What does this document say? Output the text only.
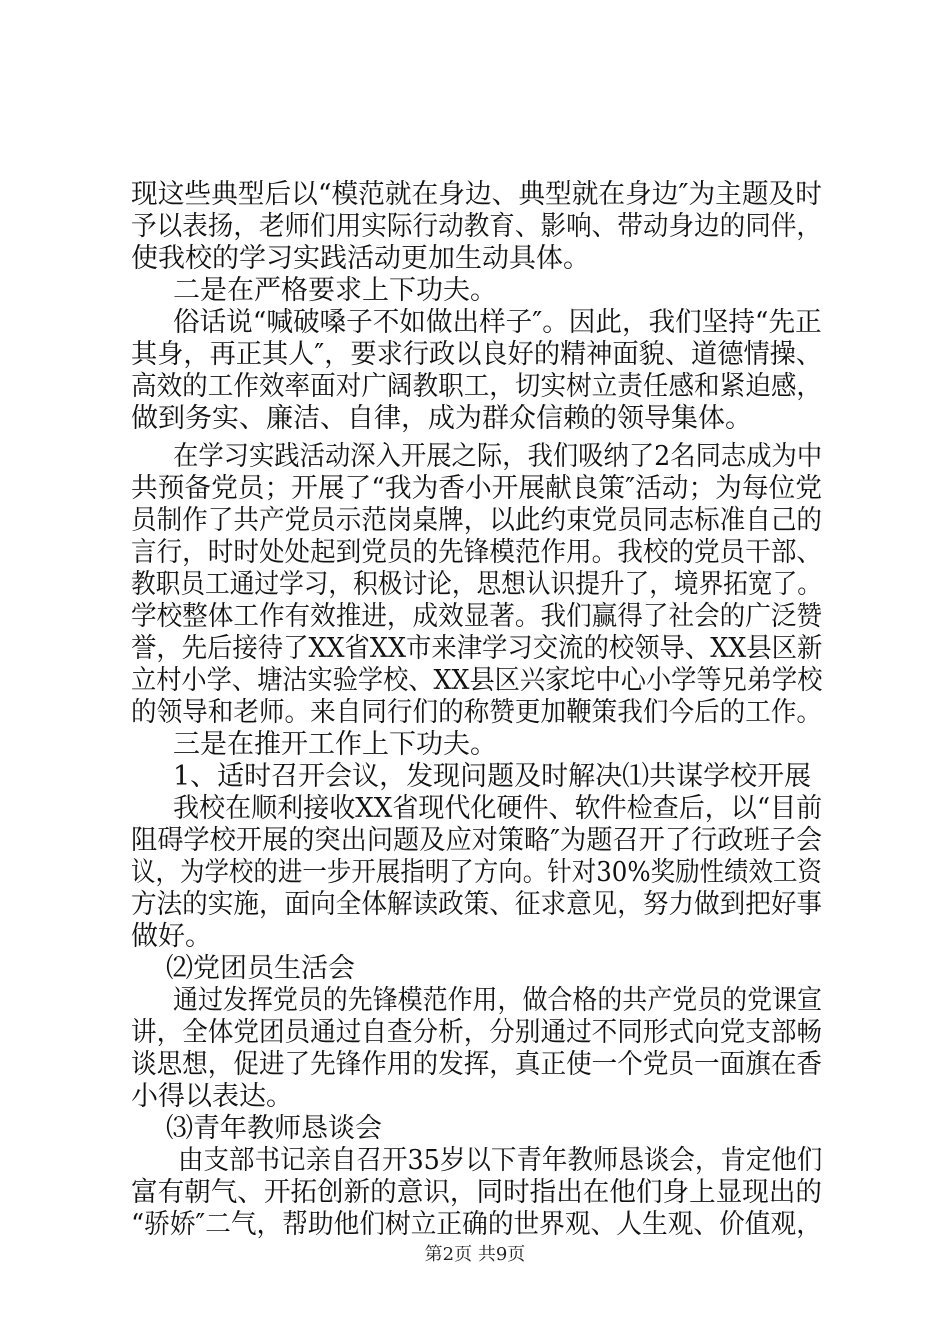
现这些典型后以“模范就在身边、典型就在身边″为主题及时
予以表扬，老师们用实际行动教育、影响、带动身边的同伴，
使我校的学习实践活动更加生动具体。
二是在严格要求上下功夫。
俗话说“喊破嗓子不如做出样子″。因此，我们坚持“先正
其身，再正其人″，要求行政以良好的精神面貌、道德情操、
高效的工作效率面对广阔教职工，切实树立责任感和紧迫感，
做到务实、廉洁、自律，成为群众信赖的领导集体。
在学习实践活动深入开展之际，我们吸纳了2名同志成为中
共预备党员；开展了“我为香小开展献良策″活动；为每位党
员制作了共产党员示范岗桌牌，以此约束党员同志标准自己的
言行，时时处处起到党员的先锋模范作用。我校的党员干部、
教职员工通过学习，积极讨论，思想认识提升了，境界拓宽了。
学校整体工作有效推进，成效显著。我们赢得了社会的广泛赞
誉，先后接待了XX省XX市来津学习交流的校领导、XX县区新
立村小学、塘沽实验学校、XX县区兴家坨中心小学等兄弟学校
的领导和老师。来自同行们的称赞更加鞭策我们今后的工作。
三是在推开工作上下功夫。
1、适时召开会议，发现问题及时解决⑴共谋学校开展
我校在顺利接收XX省现代化硬件、软件检查后，以“目前
阻碍学校开展的突出问题及应对策略″为题召开了行政班子会
议，为学校的进一步开展指明了方向。针对30%奖励性绩效工资
方法的实施，面向全体解读政策、征求意见，努力做到把好事
做好。
⑵党团员生活会
通过发挥党员的先锋模范作用，做合格的共产党员的党课宣
讲，全体党团员通过自查分析，分别通过不同形式向党支部畅
谈思想，促进了先锋作用的发挥，真正使一个党员一面旗在香
小得以表达。
⑶青年教师恳谈会
由支部书记亲自召开35岁以下青年教师恳谈会，肯定他们
富有朝气、开拓创新的意识，同时指出在他们身上显现出的
“骄娇″二气，帮助他们树立正确的世界观、人生观、价值观，
第2页 共9页
